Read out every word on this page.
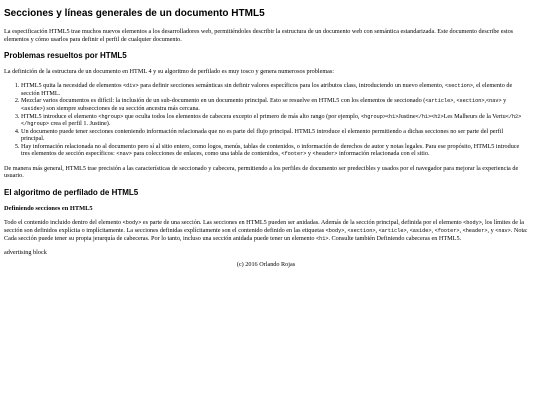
Secciones y líneas generales de un documento HTML5

La especificación HTML5 trae muchos nuevos elementos a los desarrolladores web, permitiéndoles describir la estructura de un documento web con semántica estandarizada. Este documento describe estos elementos y cómo usarlos para definir el perfil de cualquier documento.

Problemas resueltos por HTML5

La definición de la estructura de un documento en HTML 4 y su algoritmo de perfilado es muy tosco y genera numerosos problemas:

1. HTML5 quita la necesidad de elementos <div> para definir secciones semánticas sin definir valores específicos para los atributos class, introduciendo un nuevo elemento, <section>, el elemento de sección HTML.
2. Mezclar varios documentos es difícil: la inclusión de un sub-documento en un documento principal. Esto se resuelve en HTML5 con los elementos de seccionado (<article>, <section>,<nav> y <aside>) son siempre subsecciones de su sección ancestra más cercana.
3. HTML5 introduce el elemento <hgroup> que oculta todos los elementos de cabecera excepto el primero de más alto rango (por ejemplo, <hgroup><h1>Justine</h1><h2>Les Malheurs de la Vertu</h2></hgroup> crea el perfil 1. Justine).
4. Un documento puede tener secciones conteniendo información relacionada que no es parte del flujo principal. HTML5 introduce el elemento permitiendo a dichas secciones no ser parte del perfil principal.
5. Hay información relacionada no al documento pero sí al sitio entero, como logos, menús, tablas de contenidos, o información de derechos de autor y notas legales. Para ese propósito, HTML5 introduce tres elementos de sección específicos: <nav> para colecciones de enlaces, como una tabla de contenidos, <footer> y <header> información relacionada con el sitio.

De manera más general, HTML5 trae precisión a las características de seccionado y cabecera, permitiendo a los perfiles de documento ser predecibles y usados por el navegador para mejorar la experiencia de usuario.

El algoritmo de perfilado de HTML5
Definiendo secciones en HTML5

Todo el contenido incluido dentro del elemento <body> es parte de una sección. Las secciones en HTML5 pueden ser anidadas. Además de la sección principal, definida por el elemento <body>, los límites de la sección son definidos explícita o implícitamente. La secciones definidas explícitamente son el contenido definido en las etiquetas <body>, <section>, <article>, <aside>, <footer>, <header>, y <nav>. Nota: Cada sección puede tener su propia jerarquía de cabeceras. Por lo tanto, incluso una sección anidada puede tener un elemento <h1>. Consulte también Definiendo cabeceras en HTML5.

advertising block
(c) 2016 Orlando Rojas
